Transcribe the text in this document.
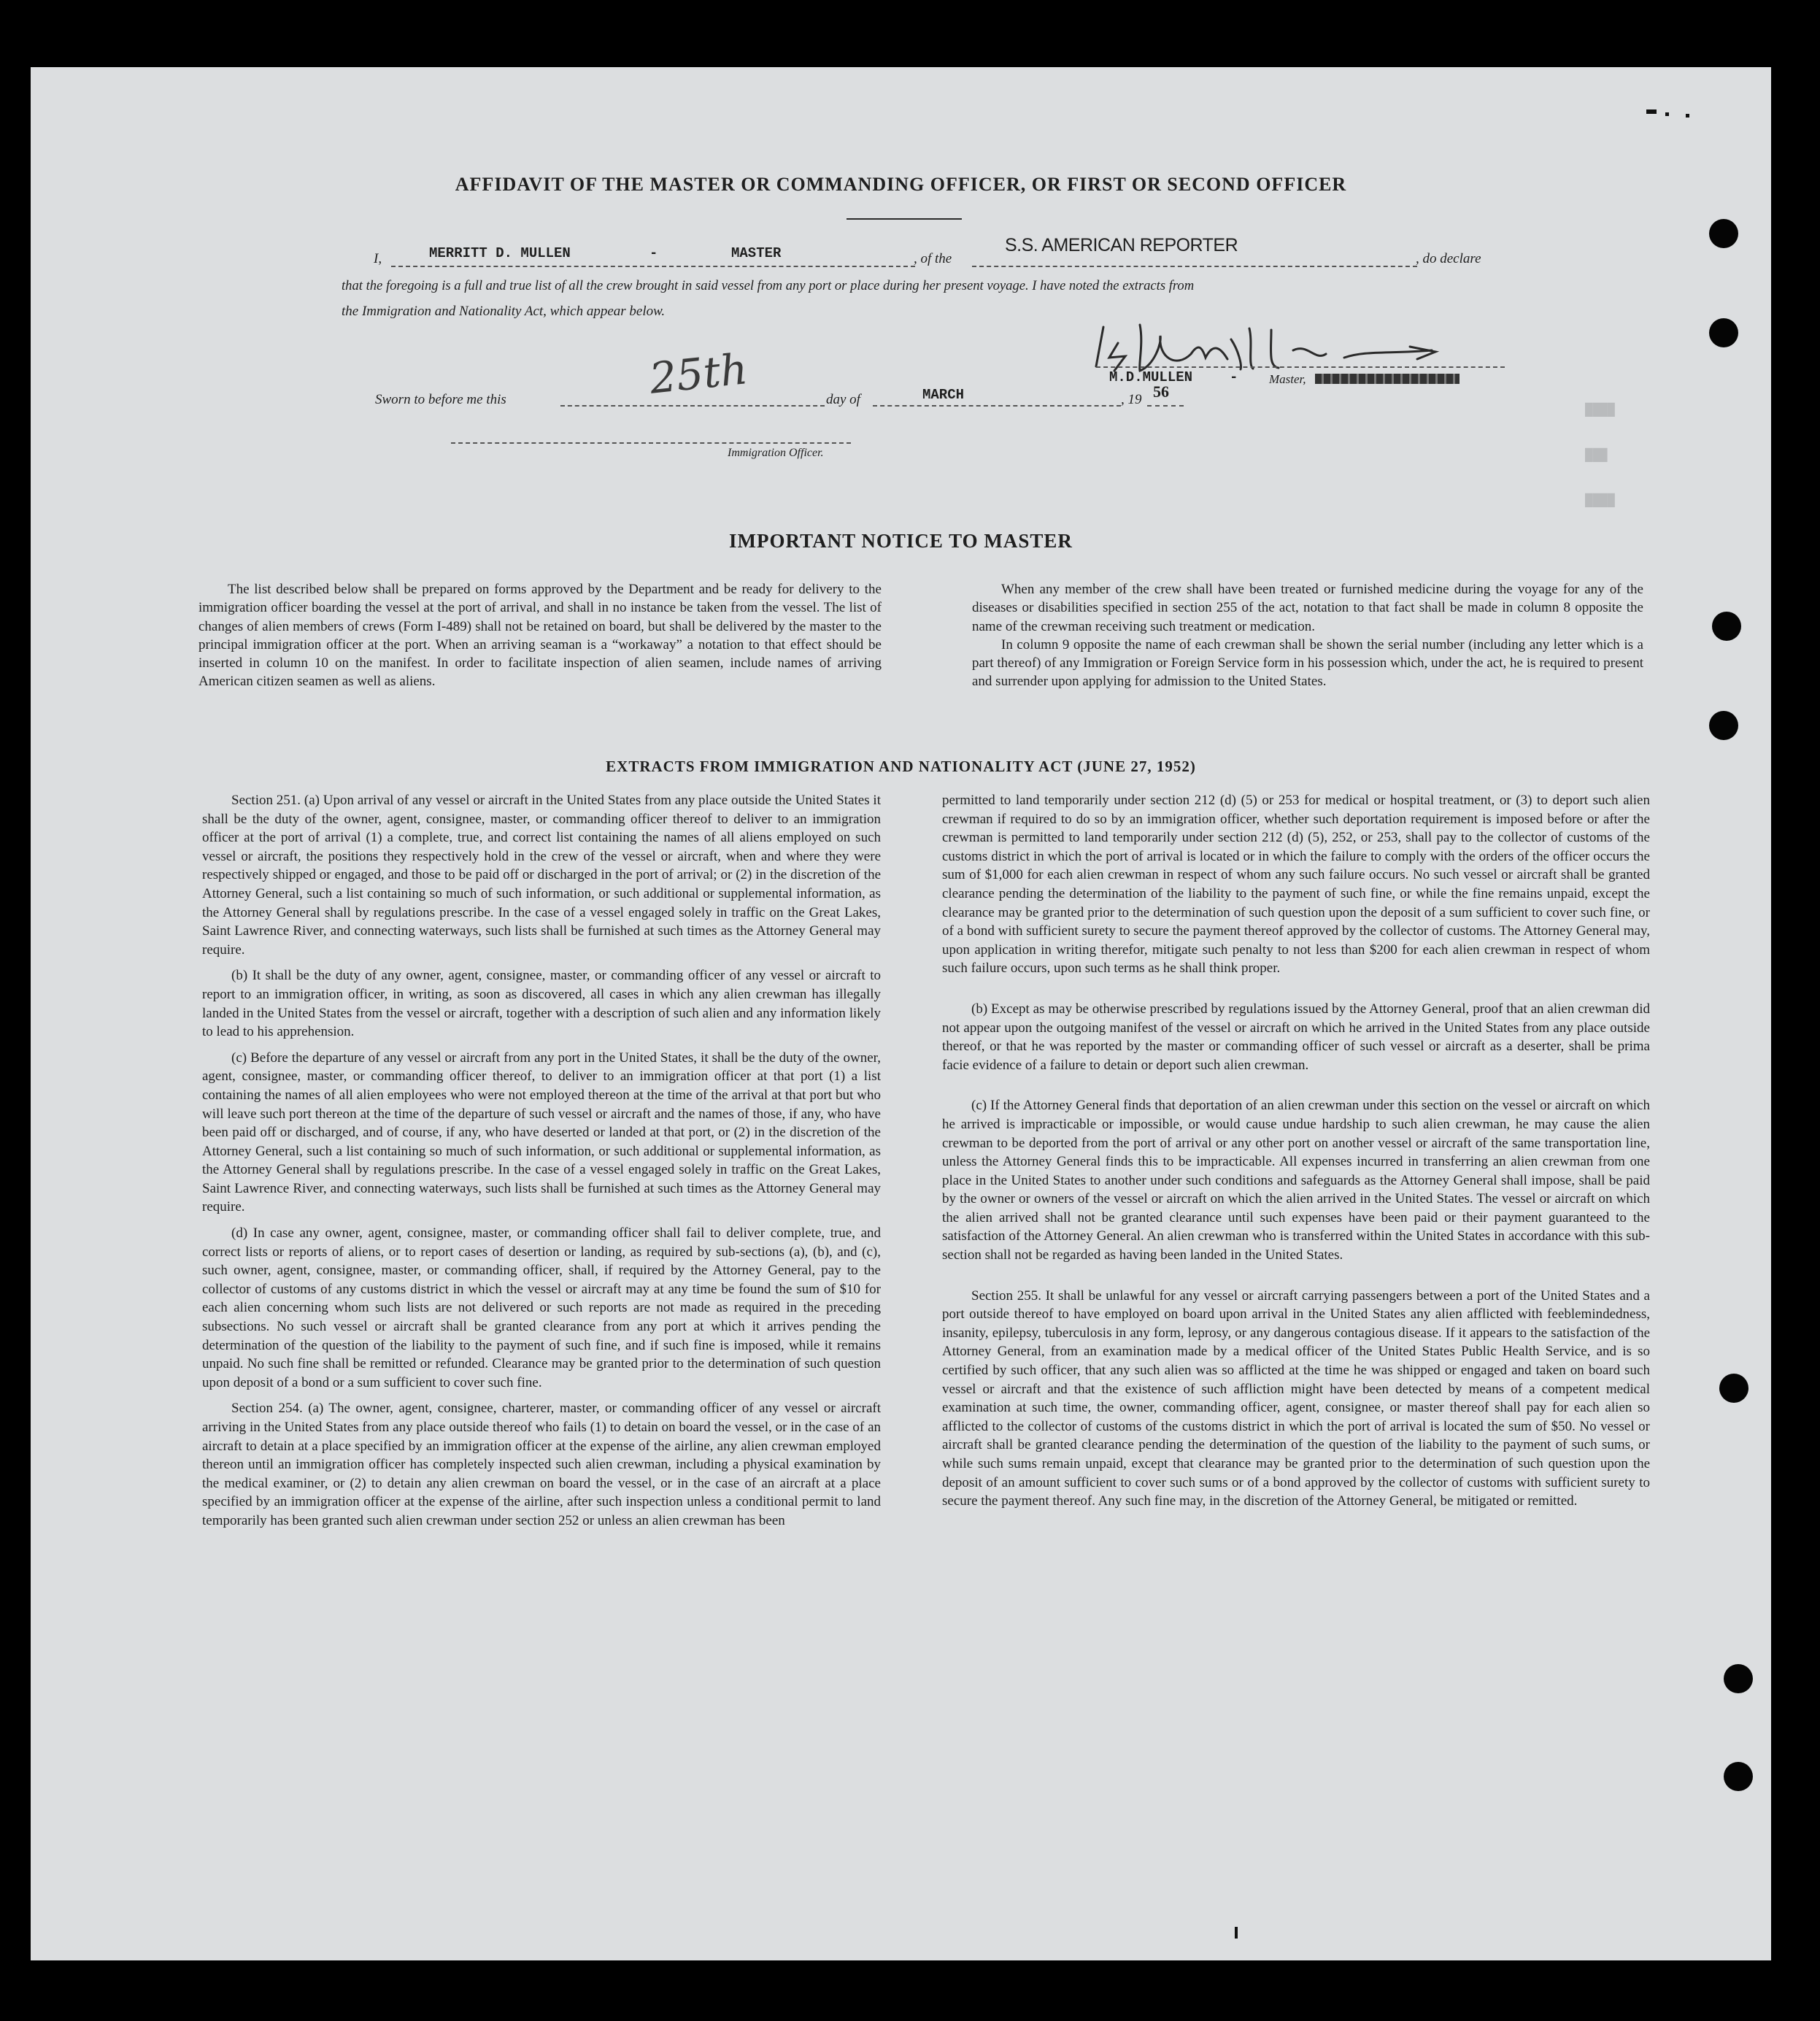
████
███
████
AFFIDAVIT OF THE MASTER OR COMMANDING OFFICER, OR FIRST OR SECOND OFFICER
I,	MERRITT D. MULLEN	-	MASTER	, of the
S.S. AMERICAN REPORTER
, do declare
that the foregoing is a full and true list of all the crew brought in said vessel from any port or place during her present voyage. I have noted the extracts from
the Immigration and Nationality Act, which appear below.
M.D.MULLEN	-	Master,
Sworn to before me this	25th	day of	MARCH	, 19 56
Immigration Officer.
IMPORTANT NOTICE TO MASTER

The list described below shall be prepared on forms approved by the Department and be ready for delivery to the immigration officer boarding the vessel at the port of arrival, and shall in no instance be taken from the vessel. The list of changes of alien members of crews (Form I-489) shall not be retained on board, but shall be delivered by the master to the principal immigration officer at the port. When an arriving seaman is a “workaway” a notation to that effect should be inserted in column 10 on the manifest. In order to facilitate inspection of alien seamen, include names of arriving American citizen seamen as well as aliens.

When any member of the crew shall have been treated or furnished medicine during the voyage for any of the diseases or disabilities specified in section 255 of the act, notation to that fact shall be made in column 8 opposite the name of the crewman receiving such treatment or medication.

In column 9 opposite the name of each crewman shall be shown the serial number (including any letter which is a part thereof) of any Immigration or Foreign Service form in his possession which, under the act, he is required to present and surrender upon applying for admission to the United States.

EXTRACTS FROM IMMIGRATION AND NATIONALITY ACT (JUNE 27, 1952)

Section 251. (a) Upon arrival of any vessel or aircraft in the United States from any place outside the United States it shall be the duty of the owner, agent, consignee, master, or commanding officer thereof to deliver to an immigration officer at the port of arrival (1) a complete, true, and correct list containing the names of all aliens employed on such vessel or aircraft, the positions they respectively hold in the crew of the vessel or aircraft, when and where they were respectively shipped or engaged, and those to be paid off or discharged in the port of arrival; or (2) in the discretion of the Attorney General, such a list containing so much of such information, or such additional or supplemental information, as the Attorney General shall by regulations prescribe. In the case of a vessel engaged solely in traffic on the Great Lakes, Saint Lawrence River, and connecting waterways, such lists shall be furnished at such times as the Attorney General may require.

(b) It shall be the duty of any owner, agent, consignee, master, or commanding officer of any vessel or aircraft to report to an immigration officer, in writing, as soon as discovered, all cases in which any alien crewman has illegally landed in the United States from the vessel or aircraft, together with a description of such alien and any information likely to lead to his apprehension.

(c) Before the departure of any vessel or aircraft from any port in the United States, it shall be the duty of the owner, agent, consignee, master, or commanding officer thereof, to deliver to an immigration officer at that port (1) a list containing the names of all alien employees who were not employed thereon at the time of the arrival at that port but who will leave such port thereon at the time of the departure of such vessel or aircraft and the names of those, if any, who have been paid off or discharged, and of course, if any, who have deserted or landed at that port, or (2) in the discretion of the Attorney General, such a list containing so much of such information, or such additional or supplemental information, as the Attorney General shall by regulations prescribe. In the case of a vessel engaged solely in traffic on the Great Lakes, Saint Lawrence River, and connecting waterways, such lists shall be furnished at such times as the Attorney General may require.

(d) In case any owner, agent, consignee, master, or commanding officer shall fail to deliver complete, true, and correct lists or reports of aliens, or to report cases of desertion or landing, as required by sub-sections (a), (b), and (c), such owner, agent, consignee, master, or commanding officer, shall, if required by the Attorney General, pay to the collector of customs of any customs district in which the vessel or aircraft may at any time be found the sum of $10 for each alien concerning whom such lists are not delivered or such reports are not made as required in the preceding subsections. No such vessel or aircraft shall be granted clearance from any port at which it arrives pending the determination of the question of the liability to the payment of such fine, and if such fine is imposed, while it remains unpaid. No such fine shall be remitted or refunded. Clearance may be granted prior to the determination of such question upon deposit of a bond or a sum sufficient to cover such fine.

Section 254. (a) The owner, agent, consignee, charterer, master, or commanding officer of any vessel or aircraft arriving in the United States from any place outside thereof who fails (1) to detain on board the vessel, or in the case of an aircraft to detain at a place specified by an immigration officer at the expense of the airline, any alien crewman employed thereon until an immigration officer has completely inspected such alien crewman, including a physical examination by the medical examiner, or (2) to detain any alien crewman on board the vessel, or in the case of an aircraft at a place specified by an immigration officer at the expense of the airline, after such inspection unless a conditional permit to land temporarily has been granted such alien crewman under section 252 or unless an alien crewman has been

permitted to land temporarily under section 212 (d) (5) or 253 for medical or hospital treatment, or (3) to deport such alien crewman if required to do so by an immigration officer, whether such deportation requirement is imposed before or after the crewman is permitted to land temporarily under section 212 (d) (5), 252, or 253, shall pay to the collector of customs of the customs district in which the port of arrival is located or in which the failure to comply with the orders of the officer occurs the sum of $1,000 for each alien crewman in respect of whom any such failure occurs. No such vessel or aircraft shall be granted clearance pending the determination of the liability to the payment of such fine, or while the fine remains unpaid, except the clearance may be granted prior to the determination of such question upon the deposit of a sum sufficient to cover such fine, or of a bond with sufficient surety to secure the payment thereof approved by the collector of customs. The Attorney General may, upon application in writing therefor, mitigate such penalty to not less than $200 for each alien crewman in respect of whom such failure occurs, upon such terms as he shall think proper.

(b) Except as may be otherwise prescribed by regulations issued by the Attorney General, proof that an alien crewman did not appear upon the outgoing manifest of the vessel or aircraft on which he arrived in the United States from any place outside thereof, or that he was reported by the master or commanding officer of such vessel or aircraft as a deserter, shall be prima facie evidence of a failure to detain or deport such alien crewman.

(c) If the Attorney General finds that deportation of an alien crewman under this section on the vessel or aircraft on which he arrived is impracticable or impossible, or would cause undue hardship to such alien crewman, he may cause the alien crewman to be deported from the port of arrival or any other port on another vessel or aircraft of the same transportation line, unless the Attorney General finds this to be impracticable. All expenses incurred in transferring an alien crewman from one place in the United States to another under such conditions and safeguards as the Attorney General shall impose, shall be paid by the owner or owners of the vessel or aircraft on which the alien arrived in the United States. The vessel or aircraft on which the alien arrived shall not be granted clearance until such expenses have been paid or their payment guaranteed to the satisfaction of the Attorney General. An alien crewman who is transferred within the United States in accordance with this sub-section shall not be regarded as having been landed in the United States.

Section 255. It shall be unlawful for any vessel or aircraft carrying passengers between a port of the United States and a port outside thereof to have employed on board upon arrival in the United States any alien afflicted with feeblemindedness, insanity, epilepsy, tuberculosis in any form, leprosy, or any dangerous contagious disease. If it appears to the satisfaction of the Attorney General, from an examination made by a medical officer of the United States Public Health Service, and is so certified by such officer, that any such alien was so afflicted at the time he was shipped or engaged and taken on board such vessel or aircraft and that the existence of such affliction might have been detected by means of a competent medical examination at such time, the owner, commanding officer, agent, consignee, or master thereof shall pay for each alien so afflicted to the collector of customs of the customs district in which the port of arrival is located the sum of $50. No vessel or aircraft shall be granted clearance pending the determination of the question of the liability to the payment of such sums, or while such sums remain unpaid, except that clearance may be granted prior to the determination of such question upon the deposit of an amount sufficient to cover such sums or of a bond approved by the collector of customs with sufficient surety to secure the payment thereof. Any such fine may, in the discretion of the Attorney General, be mitigated or remitted.
